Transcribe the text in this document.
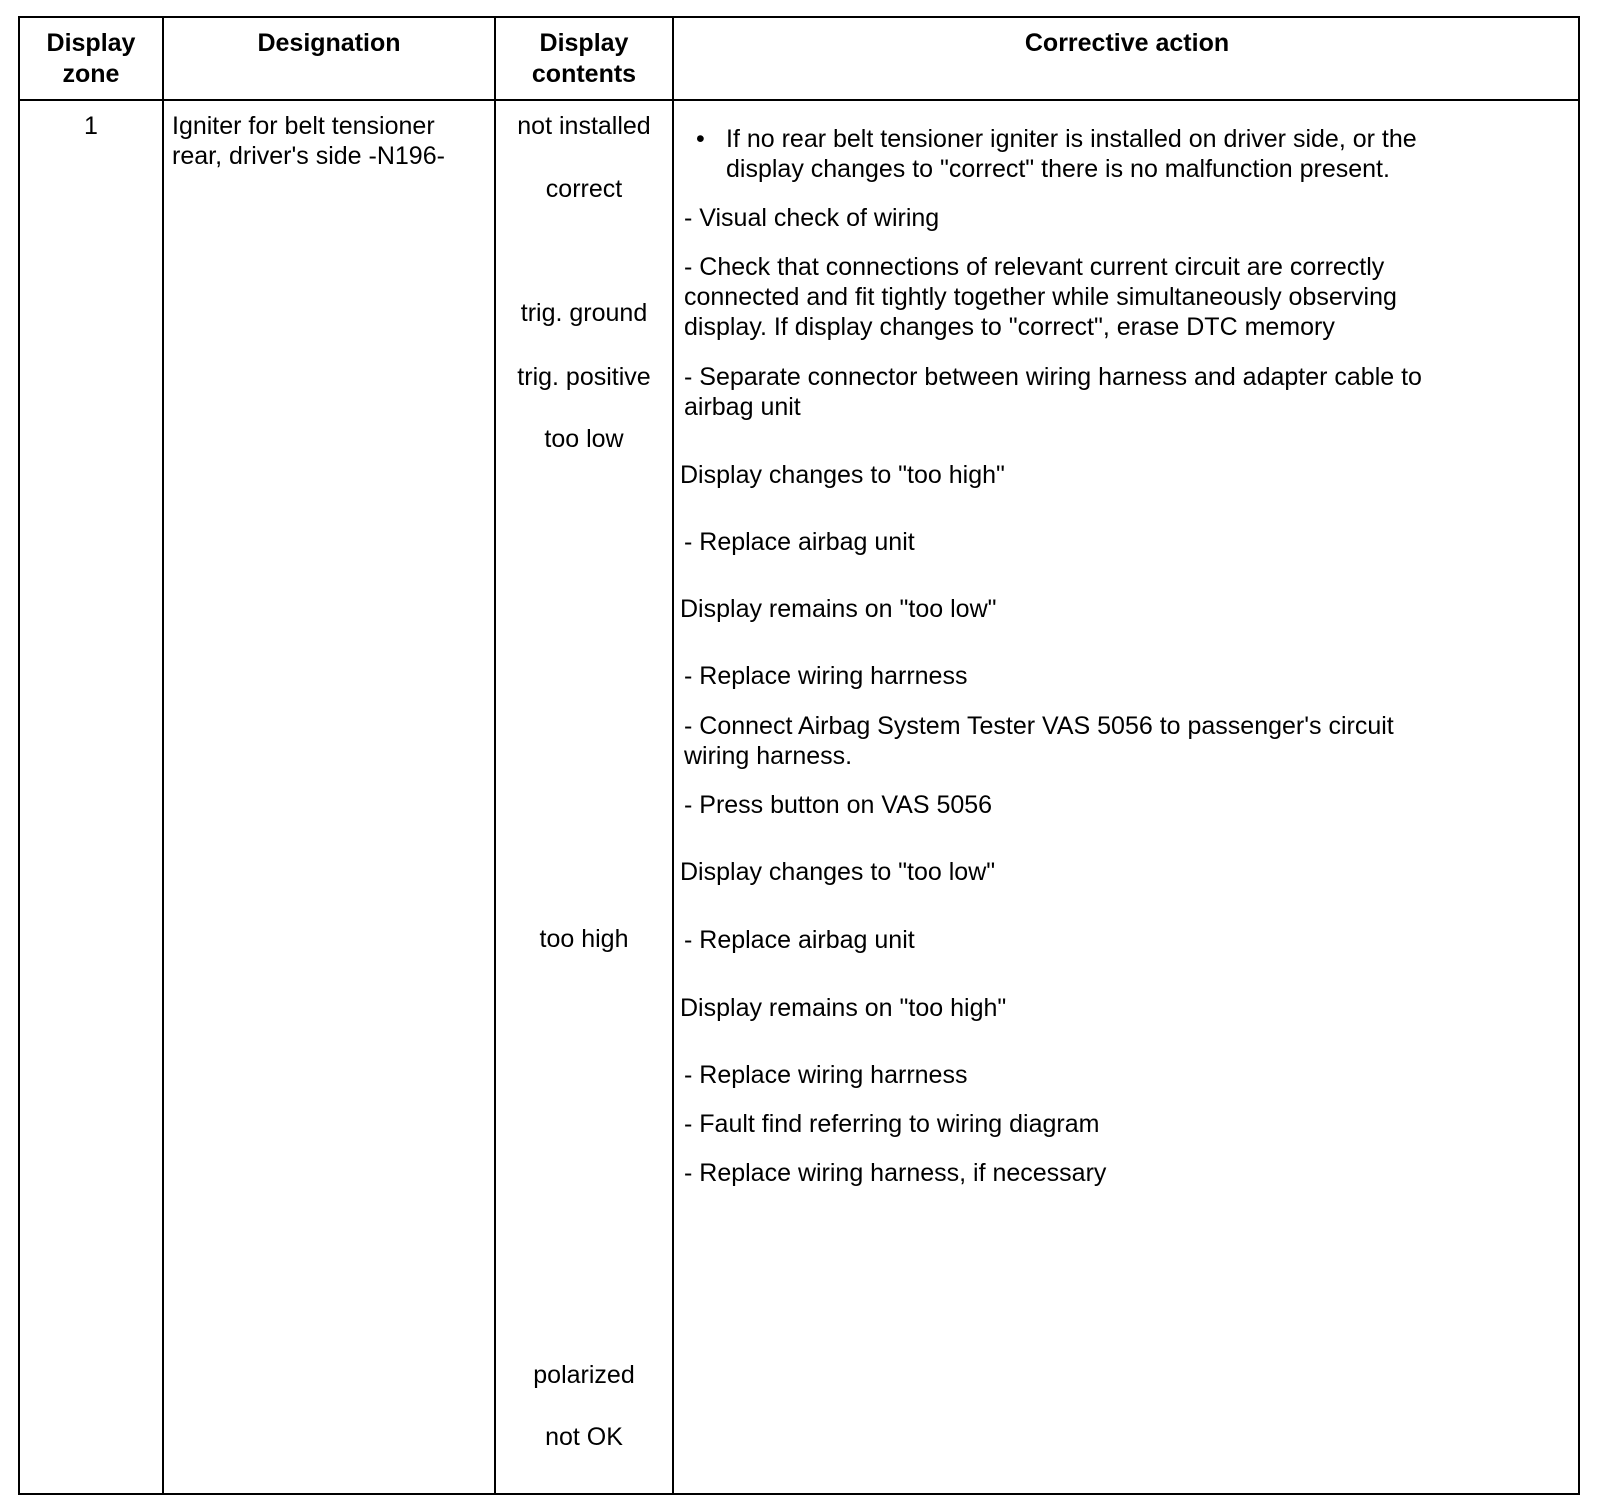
Display
zone
Designation	Display
contents
Corrective action
1	Igniter for belt tensioner
rear, driver's side -N196-
not installed
correct
trig. ground
trig. positive
too low
too high
polarized
not OK
• If no rear belt tensioner igniter is installed on driver side, or the
display changes to "correct" there is no malfunction present.
- Visual check of wiring
- Check that connections of relevant current circuit are correctly
connected and fit tightly together while simultaneously observing
display. If display changes to "correct", erase DTC memory
- Separate connector between wiring harness and adapter cable to
airbag unit
Display changes to "too high"
- Replace airbag unit
Display remains on "too low"
- Replace wiring harrness
- Connect Airbag System Tester VAS 5056 to passenger's circuit
wiring harness.
- Press button on VAS 5056
Display changes to "too low"
- Replace airbag unit
Display remains on "too high"
- Replace wiring harrness
- Fault find referring to wiring diagram
- Replace wiring harness, if necessary
